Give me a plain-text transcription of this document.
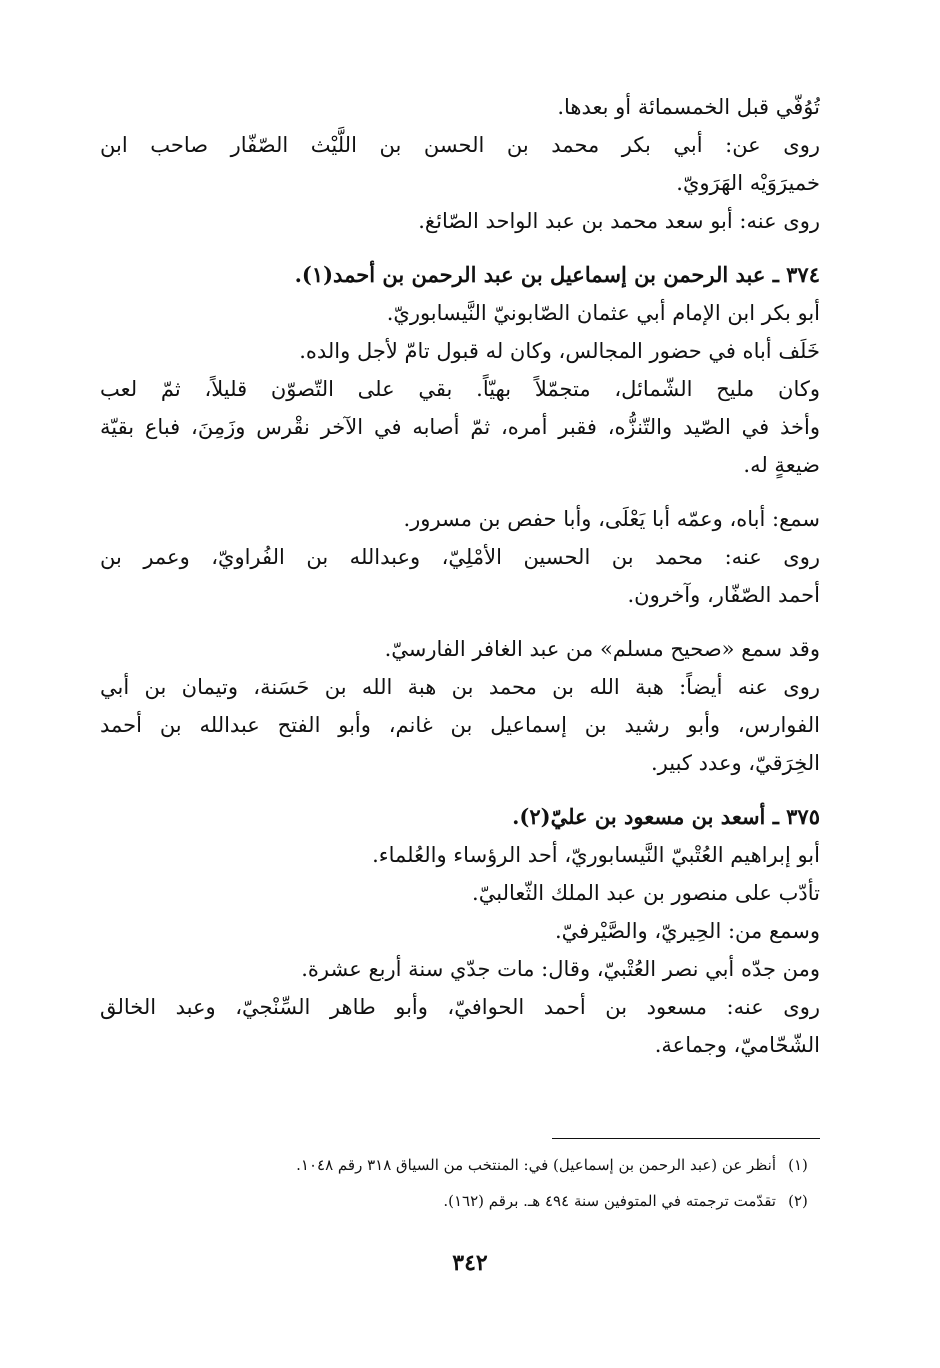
تُوُفّي قبل الخمسمائة أو بعدها.
روى عن: أبي بكر محمد بن الحسن بن اللَّيْث الصّفّار صاحب ابن
خميرَوَيْه الهَرَويّ.
روى عنه: أبو سعد محمد بن عبد الواحد الصّائغ.
٣٧٤ ـ عبد الرحمن بن إسماعيل بن عبد الرحمن بن أحمد(١).
أبو بكر ابن الإمام أبي عثمان الصّابونيّ النَّيسابوريّ.
خَلَف أباه في حضور المجالس، وكان له قبول تامّ لأجل والده.
وكان مليح الشّمائل، متجمّلاً بهيّاً. بقي على التّصوّن قليلاً، ثمّ لعب
وأخذ في الصّيد والتّنزُّه، فقبر أمره، ثمّ أصابه في الآخر نقْرس وزَمِنَ، فباع بقيّة
ضيعةٍ له.
سمع: أباه، وعمّه أبا يَعْلَى، وأبا حفص بن مسرور.
روى عنه: محمد بن الحسين الأمْلِيّ، وعبدالله بن الفُراويّ، وعمر بن
أحمد الصّفّار، وآخرون.
وقد سمع «صحيح مسلم» من عبد الغافر الفارسيّ.
روى عنه أيضاً: هبة الله بن محمد بن هبة الله بن حَسَنة، وتيمان بن أبي
الفوارس، وأبو رشيد بن إسماعيل بن غانم، وأبو الفتح عبدالله بن أحمد
الخِرَقيّ، وعدد كبير.
٣٧٥ ـ أسعد بن مسعود بن عليّ(٢).
أبو إبراهيم العُتْبيّ النَّيسابوريّ، أحد الرؤساء والعُلماء.
تأدّب على منصور بن عبد الملك الثّعالبيّ.
وسمع من: الحِيريّ، والصَّيْرفيّ.
ومن جدّه أبي نصر العُتْبيّ، وقال: مات جدّي سنة أربع عشرة.
روى عنه: مسعود بن أحمد الحوافيّ، وأبو طاهر السِّنْجيّ، وعبد الخالق
الشّحّاميّ، وجماعة.
(١)أنظر عن (عبد الرحمن بن إسماعيل) في: المنتخب من السياق ٣١٨ رقم ١٠٤٨.
(٢)تقدّمت ترجمته في المتوفين سنة ٤٩٤ هـ. برقم (١٦٢).
٣٤٢
